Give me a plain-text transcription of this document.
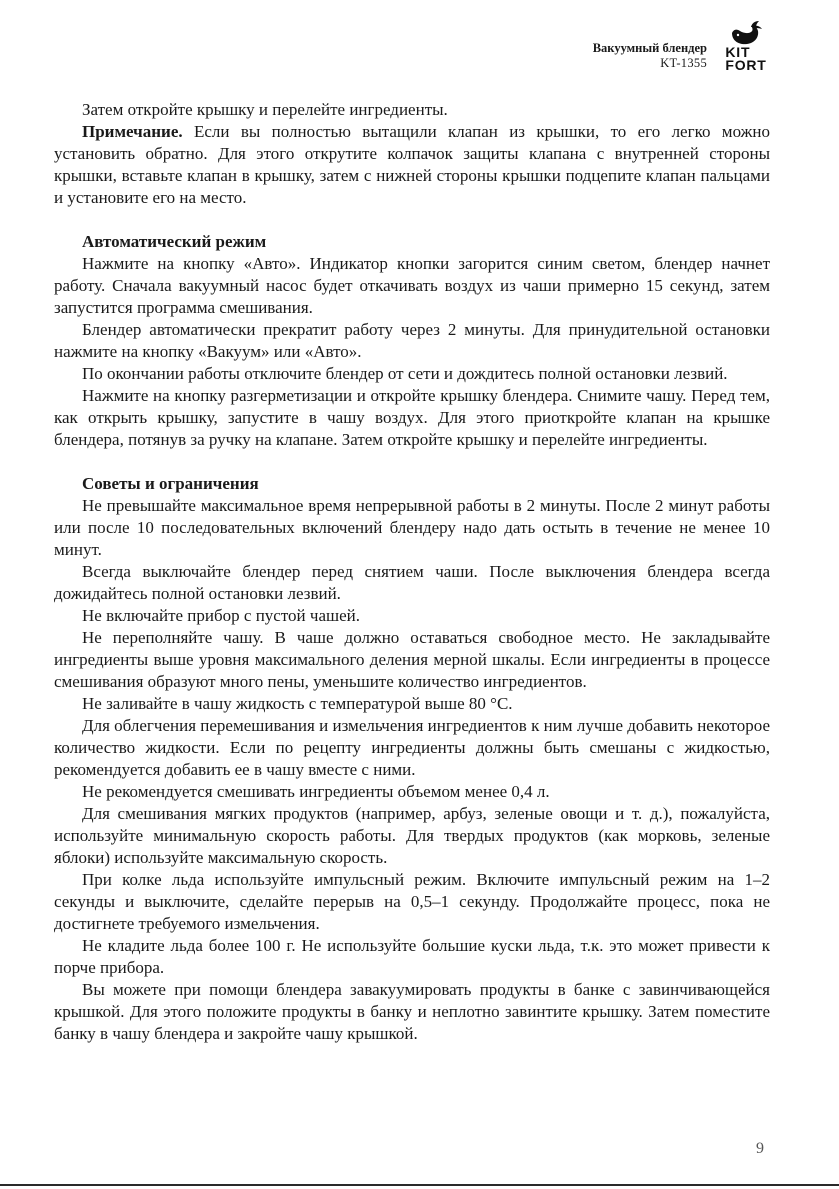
Вакуумный блендер
KT-1355
KIT
FORT

Затем откройте крышку и перелейте ингредиенты.

Примечание. Если вы полностью вытащили клапан из крышки, то его легко можно установить обратно. Для этого открутите колпачок защиты клапана с внутренней стороны крышки, вставьте клапан в крышку, затем с нижней стороны крышки подцепите клапан пальцами и установите его на место.

Автоматический режим

Нажмите на кнопку «Авто». Индикатор кнопки загорится синим светом, блендер начнет работу. Сначала вакуумный насос будет откачивать воздух из чаши примерно 15 секунд, затем запустится программа смешивания.

Блендер автоматически прекратит работу через 2 минуты. Для принудительной остановки нажмите на кнопку «Вакуум» или «Авто».

По окончании работы отключите блендер от сети и дождитесь полной остановки лезвий.

Нажмите на кнопку разгерметизации и откройте крышку блендера. Снимите чашу. Перед тем, как открыть крышку, запустите в чашу воздух. Для этого приоткройте клапан на крышке блендера, потянув за ручку на клапане. Затем откройте крышку и перелейте ингредиенты.

Советы и ограничения

Не превышайте максимальное время непрерывной работы в 2 минуты. После 2 минут работы или после 10 последовательных включений блендеру надо дать остыть в течение не менее 10 минут.

Всегда выключайте блендер перед снятием чаши. После выключения блендера всегда дожидайтесь полной остановки лезвий.

Не включайте прибор с пустой чашей.

Не переполняйте чашу. В чаше должно оставаться свободное место. Не закладывайте ингредиенты выше уровня максимального деления мерной шкалы. Если ингредиенты в процессе смешивания образуют много пены, уменьшите количество ингредиентов.

Не заливайте в чашу жидкость с температурой выше 80 °C.

Для облегчения перемешивания и измельчения ингредиентов к ним лучше добавить некоторое количество жидкости. Если по рецепту ингредиенты должны быть смешаны с жидкостью, рекомендуется добавить ее в чашу вместе с ними.

Не рекомендуется смешивать ингредиенты объемом менее 0,4 л.

Для смешивания мягких продуктов (например, арбуз, зеленые овощи и т. д.), пожалуйста, используйте минимальную скорость работы. Для твердых продуктов (как морковь, зеленые яблоки) используйте максимальную скорость.

При колке льда используйте импульсный режим. Включите импульсный режим на 1–2 секунды и выключите, сделайте перерыв на 0,5–1 секунду. Продолжайте процесс, пока не достигнете требуемого измельчения.

Не кладите льда более 100 г. Не используйте большие куски льда, т.к. это может привести к порче прибора.

Вы можете при помощи блендера завакуумировать продукты в банке с завинчивающейся крышкой. Для этого положите продукты в банку и неплотно завинтите крышку. Затем поместите банку в чашу блендера и закройте чашу крышкой.

9
